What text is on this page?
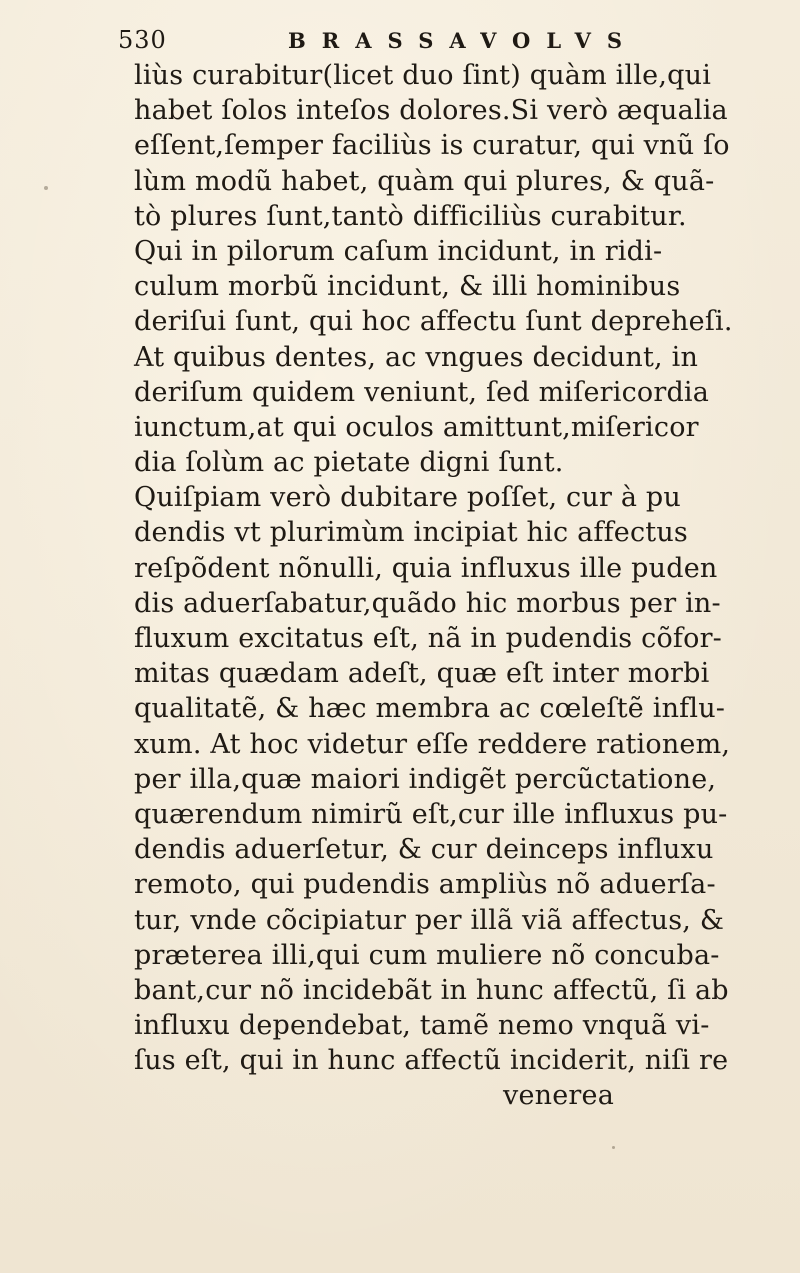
530	BRASSAVOLVS
liùs curabitur(licet duo ſint) quàm ille,qui
habet ſolos inteſos dolores.Si verò æqualia
eſſent,ſemper faciliùs is curatur, qui vnũ ſo
lùm modũ habet, quàm qui plures, & quã-
tò plures ſunt,tantò difficiliùs curabitur.
Qui in pilorum caſum incidunt, in ridi-
culum morbũ incidunt, & illi hominibus
deriſui ſunt, qui hoc affectu ſunt depreheſi.
At quibus dentes, ac vngues decidunt, in
deriſum quidem veniunt, ſed miſericordia
iunctum,at qui oculos amittunt,miſericor
dia ſolùm ac pietate digni ſunt.
Quiſpiam verò dubitare poſſet, cur à pu
dendis vt plurimùm incipiat hic affectus
reſpõdent nõnulli, quia influxus ille puden
dis aduerſabatur,quãdo hic morbus per in-
fluxum excitatus eſt, nã in pudendis cõfor-
mitas quædam adeſt, quæ eſt inter morbi
qualitatẽ, & hæc membra ac cœleſtẽ influ-
xum. At hoc videtur eſſe reddere rationem,
per illa,quæ maiori indigẽt percũctatione,
quærendum nimirũ eſt,cur ille influxus pu-
dendis aduerſetur, & cur deinceps influxu
remoto, qui pudendis ampliùs nõ aduerſa-
tur, vnde cõcipiatur per illã viã affectus, &
præterea illi,qui cum muliere nõ concuba-
bant,cur nõ incidebãt in hunc affectũ, ſi ab
influxu dependebat, tamẽ nemo vnquã vi-
ſus eſt, qui in hunc affectũ inciderit, niſi re
venerea
